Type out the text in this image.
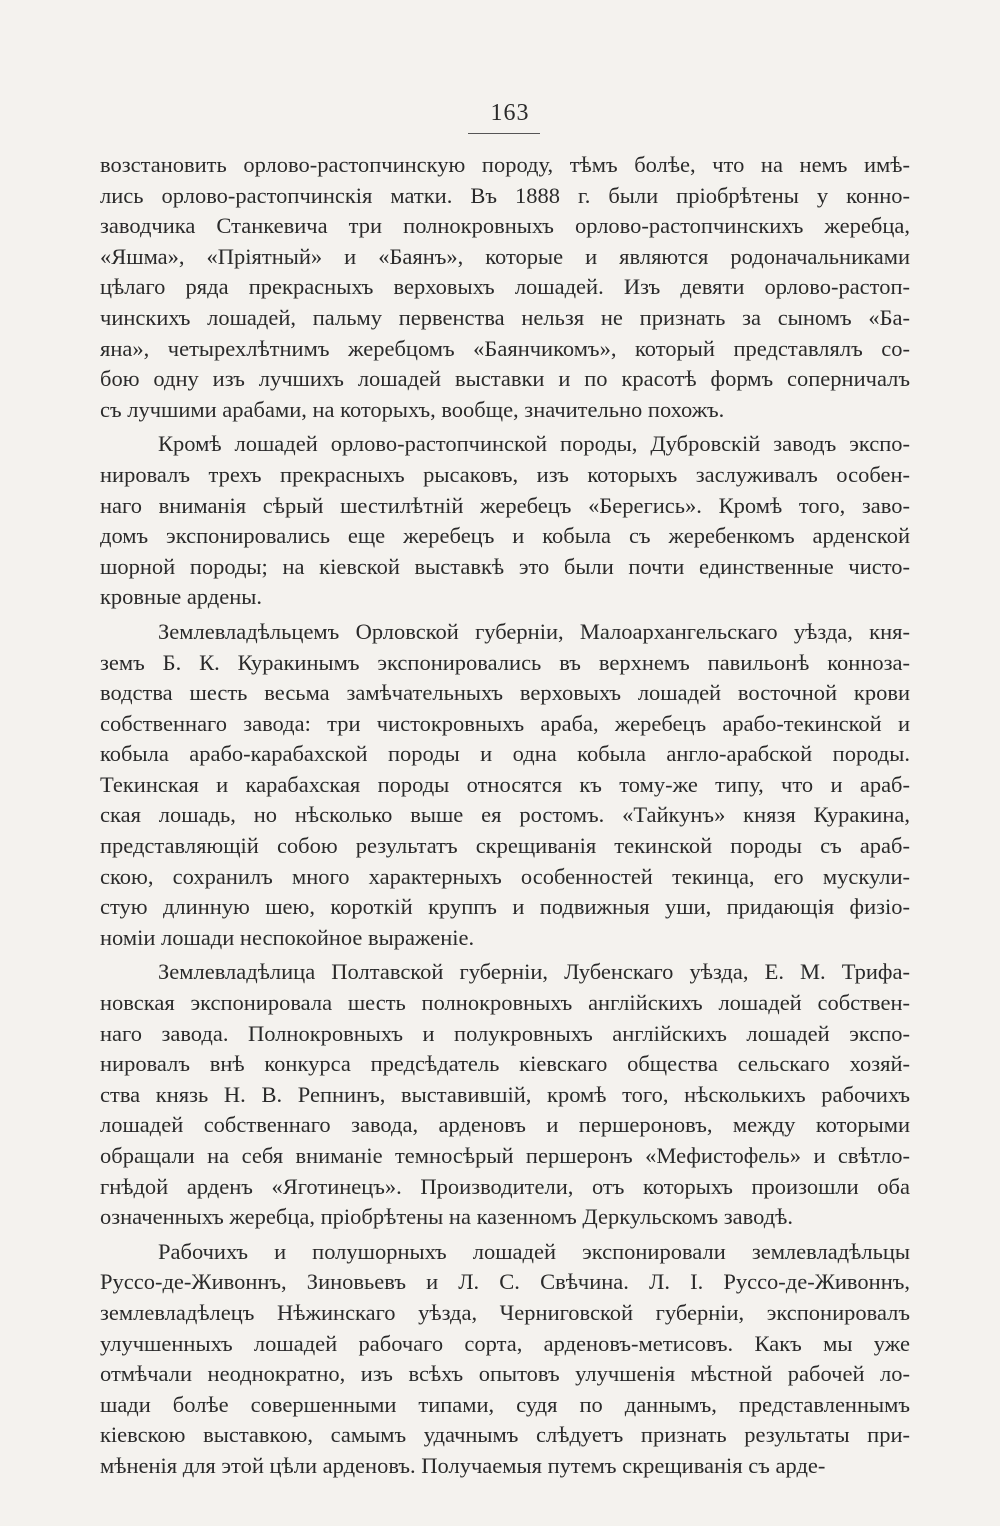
163
возстановить орлово-растопчинскую породу, тѣмъ болѣе, что на немъ имѣ-
лись орлово-растопчинскія матки. Въ 1888 г. были пріобрѣтены у конно-
заводчика Станкевича три полнокровныхъ орлово-растопчинскихъ жеребца,
«Яшма», «Пріятный» и «Баянъ», которые и являются родоначальниками
цѣлаго ряда прекрасныхъ верховыхъ лошадей. Изъ девяти орлово-растоп-
чинскихъ лошадей, пальму первенства нельзя не признать за сыномъ «Ба-
яна», четырехлѣтнимъ жеребцомъ «Баянчикомъ», который представлялъ со-
бою одну изъ лучшихъ лошадей выставки и по красотѣ формъ соперничалъ
съ лучшими арабами, на которыхъ, вообще, значительно похожъ.
Кромѣ лошадей орлово-растопчинской породы, Дубровскій заводъ экспо-
нировалъ трехъ прекрасныхъ рысаковъ, изъ которыхъ заслуживалъ особен-
наго вниманія сѣрый шестилѣтній жеребецъ «Берегись». Кромѣ того, заво-
домъ экспонировались еще жеребецъ и кобыла съ жеребенкомъ арденской
шорной породы; на кіевской выставкѣ это были почти единственные чисто-
кровные ардены.
Землевладѣльцемъ Орловской губерніи, Малоархангельскаго уѣзда, кня-
земъ Б. К. Куракинымъ экспонировались въ верхнемъ павильонѣ конноза-
водства шесть весьма замѣчательныхъ верховыхъ лошадей восточной крови
собственнаго завода: три чистокровныхъ араба, жеребецъ арабо-текинской и
кобыла арабо-карабахской породы и одна кобыла англо-арабской породы.
Текинская и карабахская породы относятся къ тому-же типу, что и араб-
ская лошадь, но нѣсколько выше ея ростомъ. «Тайкунъ» князя Куракина,
представляющій собою результатъ скрещиванія текинской породы съ араб-
скою, сохранилъ много характерныхъ особенностей текинца, его мускули-
стую длинную шею, короткій круппъ и подвижныя уши, придающія физіо-
номіи лошади неспокойное выраженіе.
Землевладѣлица Полтавской губерніи, Лубенскаго уѣзда, Е. М. Трифа-
новская экспонировала шесть полнокровныхъ англійскихъ лошадей собствен-
наго завода. Полнокровныхъ и полукровныхъ англійскихъ лошадей экспо-
нировалъ внѣ конкурса предсѣдатель кіевскаго общества сельскаго хозяй-
ства князь Н. В. Репнинъ, выставившій, кромѣ того, нѣсколькихъ рабочихъ
лошадей собственнаго завода, арденовъ и першероновъ, между которыми
обращали на себя вниманіе темносѣрый першеронъ «Мефистофель» и свѣтло-
гнѣдой арденъ «Яготинецъ». Производители, отъ которыхъ произошли оба
означенныхъ жеребца, пріобрѣтены на казенномъ Деркульскомъ заводѣ.
Рабочихъ и полушорныхъ лошадей экспонировали землевладѣльцы
Руссо-де-Живоннъ, Зиновьевъ и Л. С. Свѣчина. Л. І. Руссо-де-Живоннъ,
землевладѣлецъ Нѣжинскаго уѣзда, Черниговской губерніи, экспонировалъ
улучшенныхъ лошадей рабочаго сорта, арденовъ-метисовъ. Какъ мы уже
отмѣчали неоднократно, изъ всѣхъ опытовъ улучшенія мѣстной рабочей ло-
шади болѣе совершенными типами, судя по даннымъ, представленнымъ
кіевскою выставкою, самымъ удачнымъ слѣдуетъ признать результаты при-
мѣненія для этой цѣли арденовъ. Получаемыя путемъ скрещиванія съ арде-
